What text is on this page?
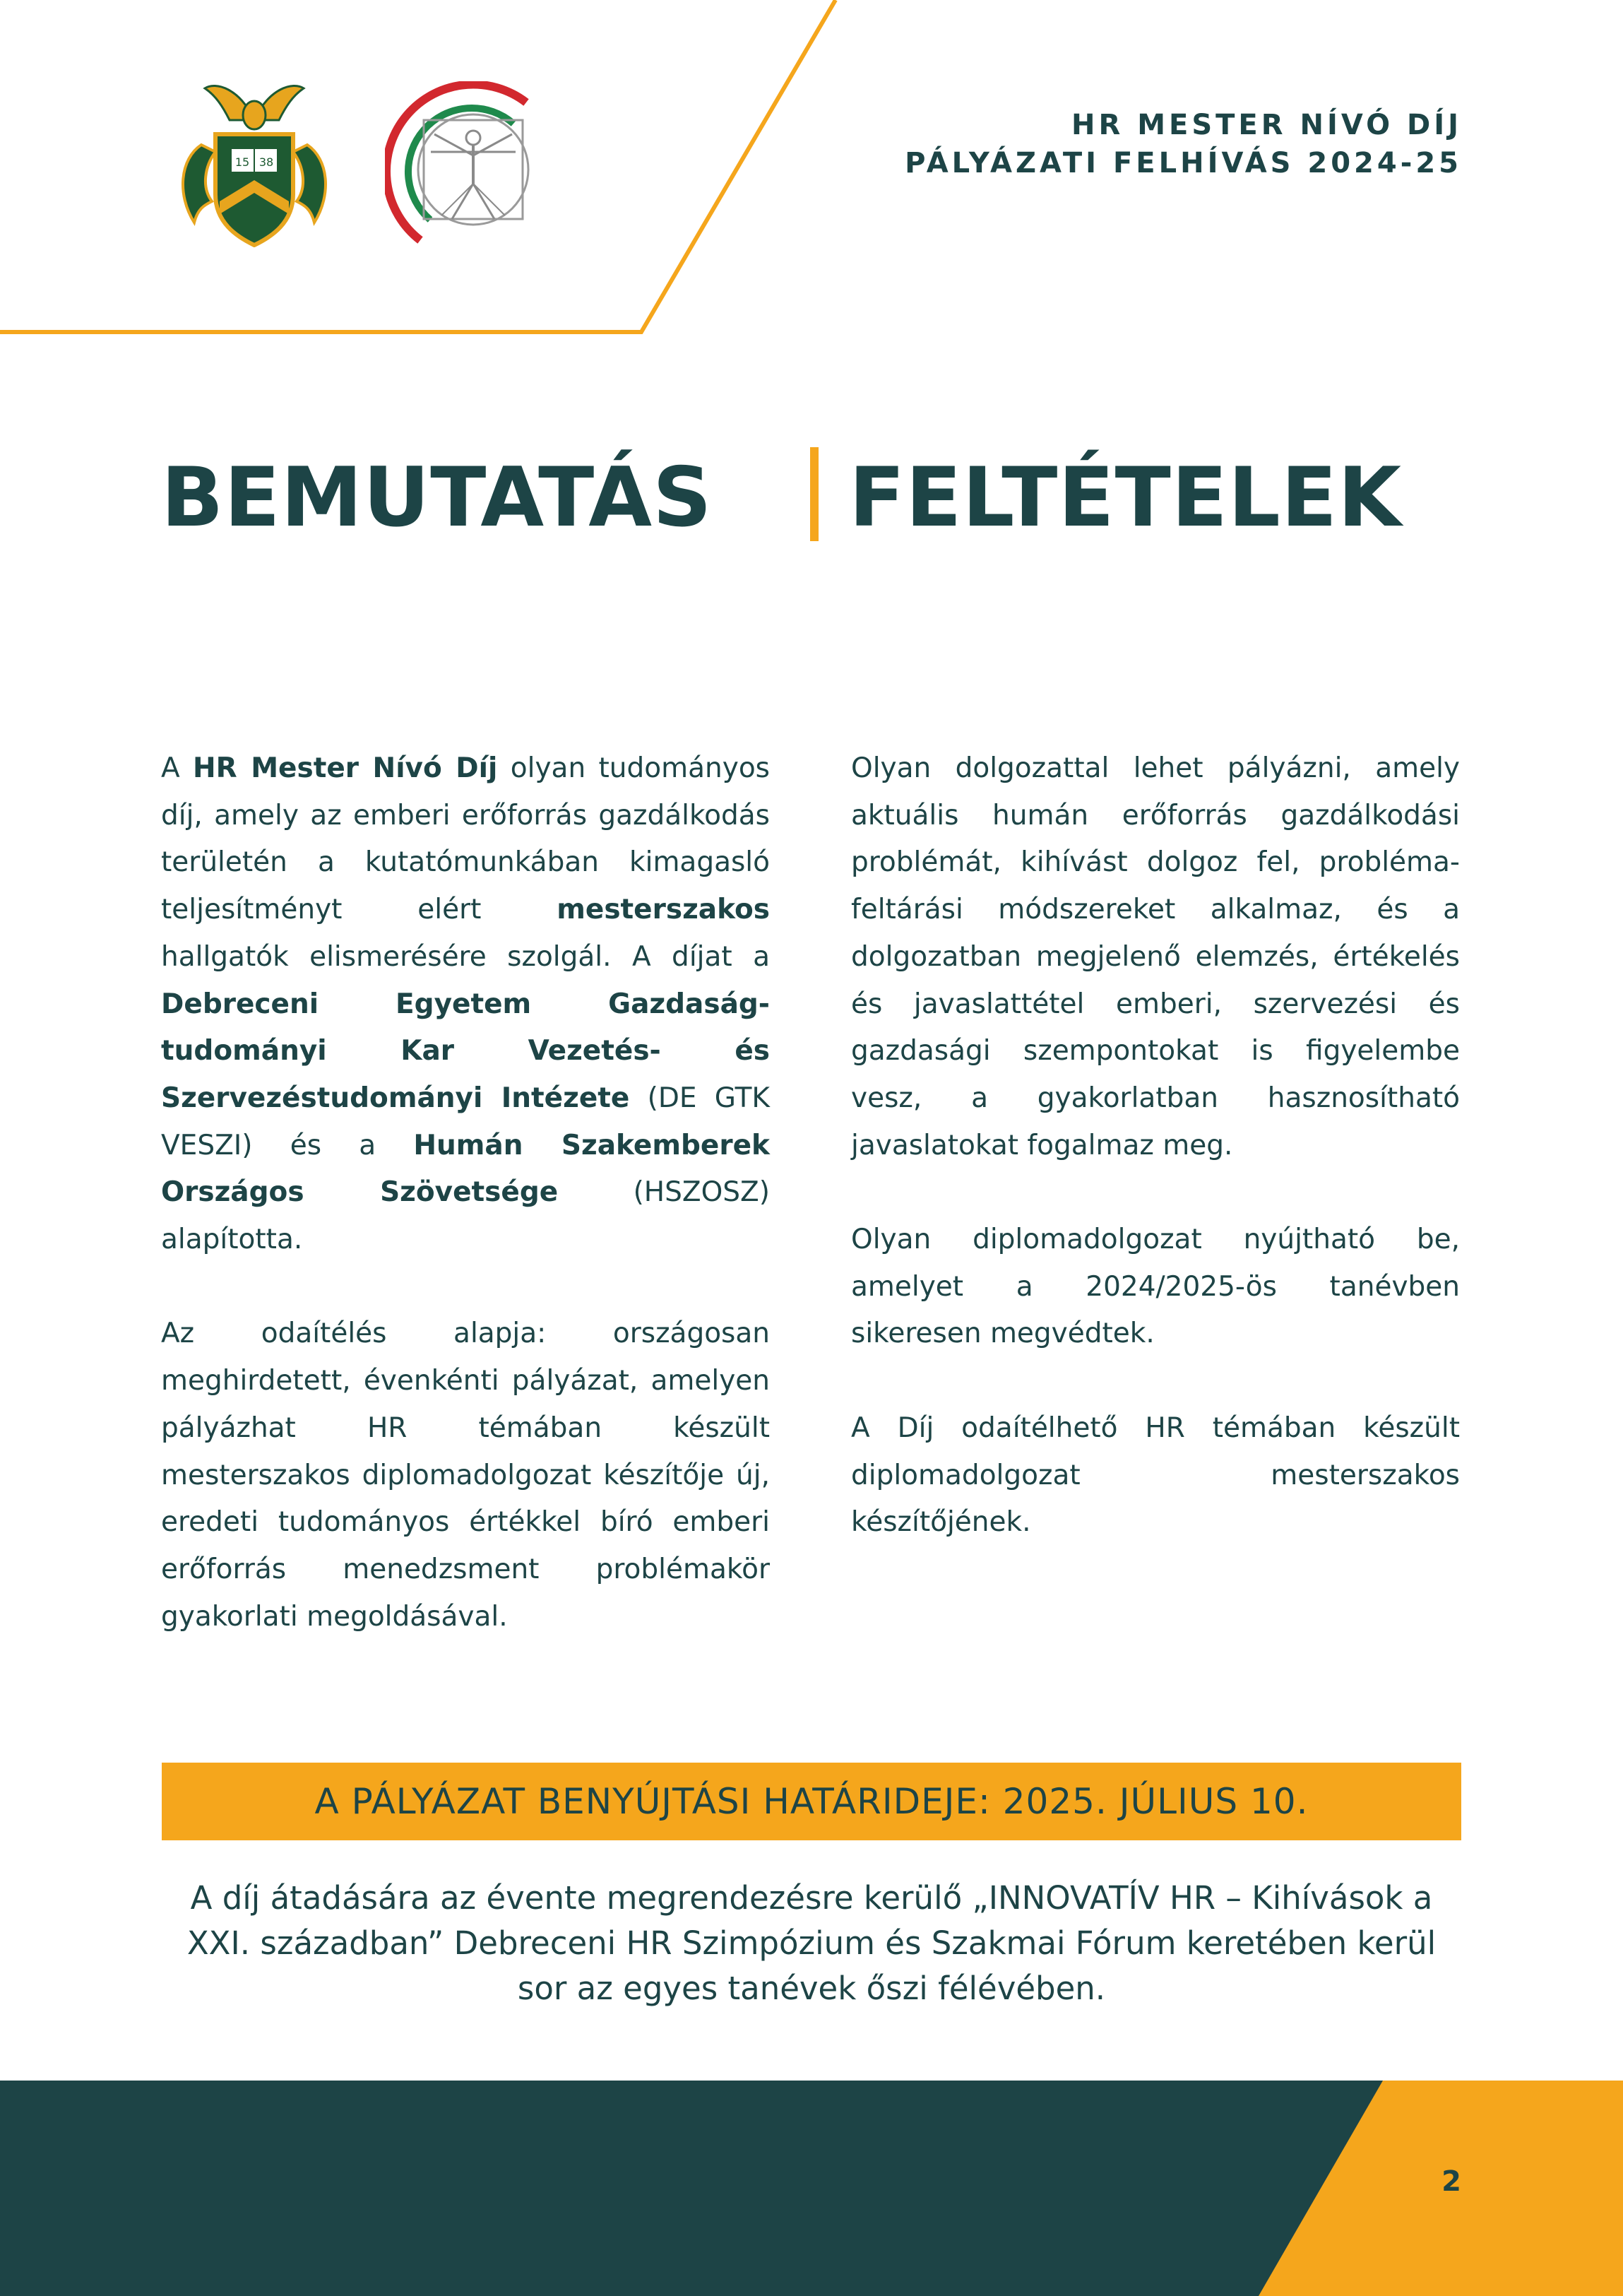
15 38
HR MESTER NÍVÓ DÍJ
PÁLYÁZATI FELHÍVÁS 2024-25
BEMUTATÁS FELTÉTELEK

A HR Mester Nívó Díj olyan tudományos díj, amely az emberi erőforrás gazdálkodás területén a kutatómunkában kimagasló teljesítményt elért mesterszakos hallgatók elismerésére szolgál. A díjat a Debreceni Egyetem Gazdaság-tudományi Kar Vezetés- és Szervezéstudományi Intézete (DE GTK VESZI) és a Humán Szakemberek Országos Szövetsége (HSZOSZ) alapította.

Az odaítélés alapja: országosan meghirdetett, évenkénti pályázat, amelyen pályázhat HR témában készült mesterszakos diplomadolgozat készítője új, eredeti tudományos értékkel bíró emberi erőforrás menedzsment problémakör gyakorlati megoldásával.

Olyan dolgozattal lehet pályázni, amely aktuális humán erőforrás gazdálkodási problémát, kihívást dolgoz fel, probléma-feltárási módszereket alkalmaz, és a dolgozatban megjelenő elemzés, értékelés és javaslattétel emberi, szervezési és gazdasági szempontokat is figyelembe vesz, a gyakorlatban hasznosítható javaslatokat fogalmaz meg.

Olyan diplomadolgozat nyújtható be, amelyet a 2024/2025-ös tanévben sikeresen megvédtek.

A Díj odaítélhető HR témában készült diplomadolgozat mesterszakos készítőjének.

A PÁLYÁZAT BENYÚJTÁSI HATÁRIDEJE: 2025. JÚLIUS 10.
A díj átadására az évente megrendezésre kerülő „INNOVATÍV HR – Kihívások a XXI. században” Debreceni HR Szimpózium és Szakmai Fórum keretében kerül sor az egyes tanévek őszi félévében.
2
